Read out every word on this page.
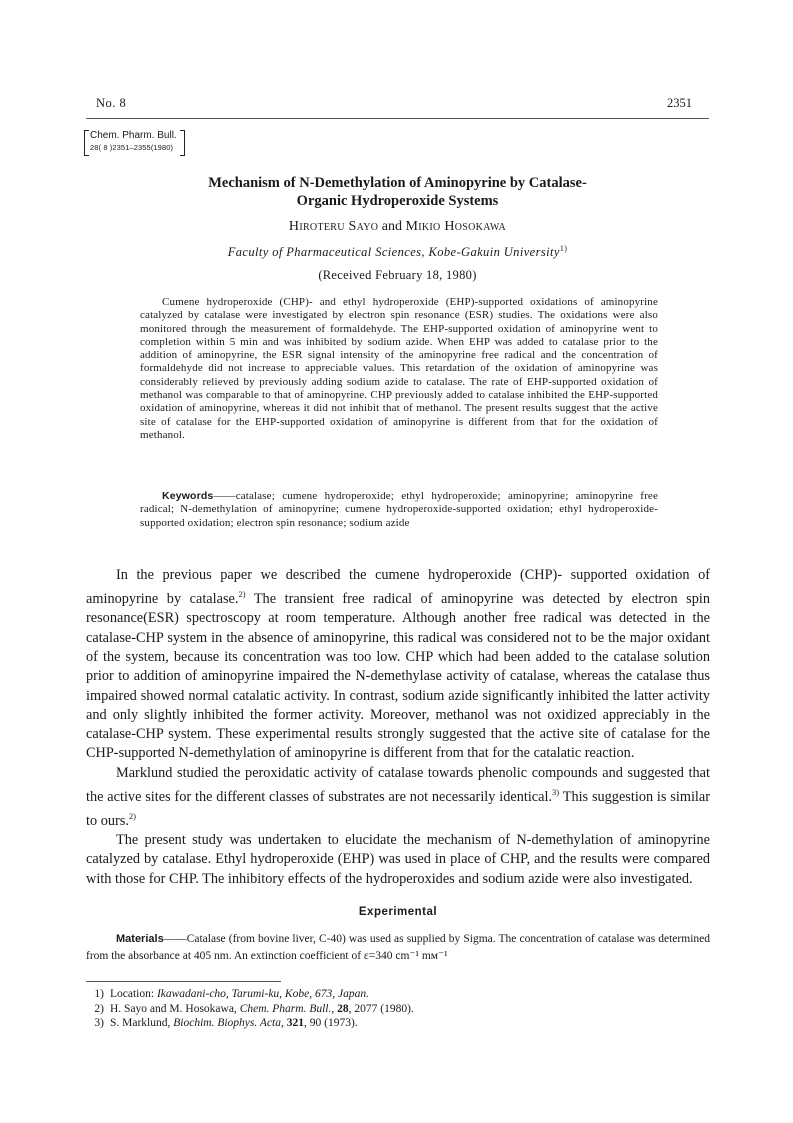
No. 8	2351
Chem. Pharm. Bull.
28( 8 )2351–2355(1980)
Mechanism of N-Demethylation of Aminopyrine by Catalase-
Organic Hydroperoxide Systems
Hiroteru Sayo and Mikio Hosokawa
Faculty of Pharmaceutical Sciences, Kobe-Gakuin University$^{1)}$
(Received February 18, 1980)

Cumene hydroperoxide (CHP)- and ethyl hydroperoxide (EHP)-supported oxidations of aminopyrine catalyzed by catalase were investigated by electron spin resonance (ESR) studies. The oxidations were also monitored through the measurement of formaldehyde. The EHP-supported oxidation of aminopyrine went to completion within 5 min and was inhibited by sodium azide. When EHP was added to catalase prior to the addition of aminopyrine, the ESR signal intensity of the aminopyrine free radical and the concentration of formaldehyde did not increase to appreciable values. This retardation of the oxidation of aminopyrine was considerably relieved by previously adding sodium azide to catalase. The rate of EHP-supported oxidation of methanol was comparable to that of aminopyrine. CHP previously added to catalase inhibited the EHP-supported oxidation of aminopyrine, whereas it did not inhibit that of methanol. The present results suggest that the active site of catalase for the EHP-supported oxidation of aminopyrine is different from that for the oxidation of methanol.

Keywords——catalase; cumene hydroperoxide; ethyl hydroperoxide; aminopyrine; aminopyrine free radical; N-demethylation of aminopyrine; cumene hydroperoxide-supported oxidation; ethyl hydroperoxide-supported oxidation; electron spin resonance; sodium azide

In the previous paper we described the cumene hydroperoxide (CHP)- supported oxidation of aminopyrine by catalase.$^{2)}$ The transient free radical of aminopyrine was detected by electron spin resonance(ESR) spectroscopy at room temperature. Although another free radical was detected in the catalase-CHP system in the absence of aminopyrine, this radical was considered not to be the major oxidant of the system, because its concentration was too low. CHP which had been added to the catalase solution prior to addition of aminopyrine impaired the N-demethylase activity of catalase, whereas the catalase thus impaired showed normal catalatic activity. In contrast, sodium azide significantly inhibited the latter activity and only slightly inhibited the former activity. Moreover, methanol was not oxidized appreciably in the catalase-CHP system. These experimental results strongly suggested that the active site of catalase for the CHP-supported N-demethylation of aminopyrine is different from that for the catalatic reaction.

Marklund studied the peroxidatic activity of catalase towards phenolic compounds and suggested that the active sites for the different classes of substrates are not necessarily identical.$^{3)}$ This suggestion is similar to ours.$^{2)}$

The present study was undertaken to elucidate the mechanism of N-demethylation of aminopyrine catalyzed by catalase. Ethyl hydroperoxide (EHP) was used in place of CHP, and the results were compared with those for CHP. The inhibitory effects of the hydroperoxides and sodium azide were also investigated.

Experimental

Materials——Catalase (from bovine liver, C-40) was used as supplied by Sigma. The concentration of catalase was determined from the absorbance at 405 nm. An extinction coefficient of ε=340 cm⁻¹ mᴍ⁻¹

1) Location: Ikawadani-cho, Tarumi-ku, Kobe, 673, Japan.
2) H. Sayo and M. Hosokawa, Chem. Pharm. Bull., 28, 2077 (1980).
3) S. Marklund, Biochim. Biophys. Acta, 321, 90 (1973).
